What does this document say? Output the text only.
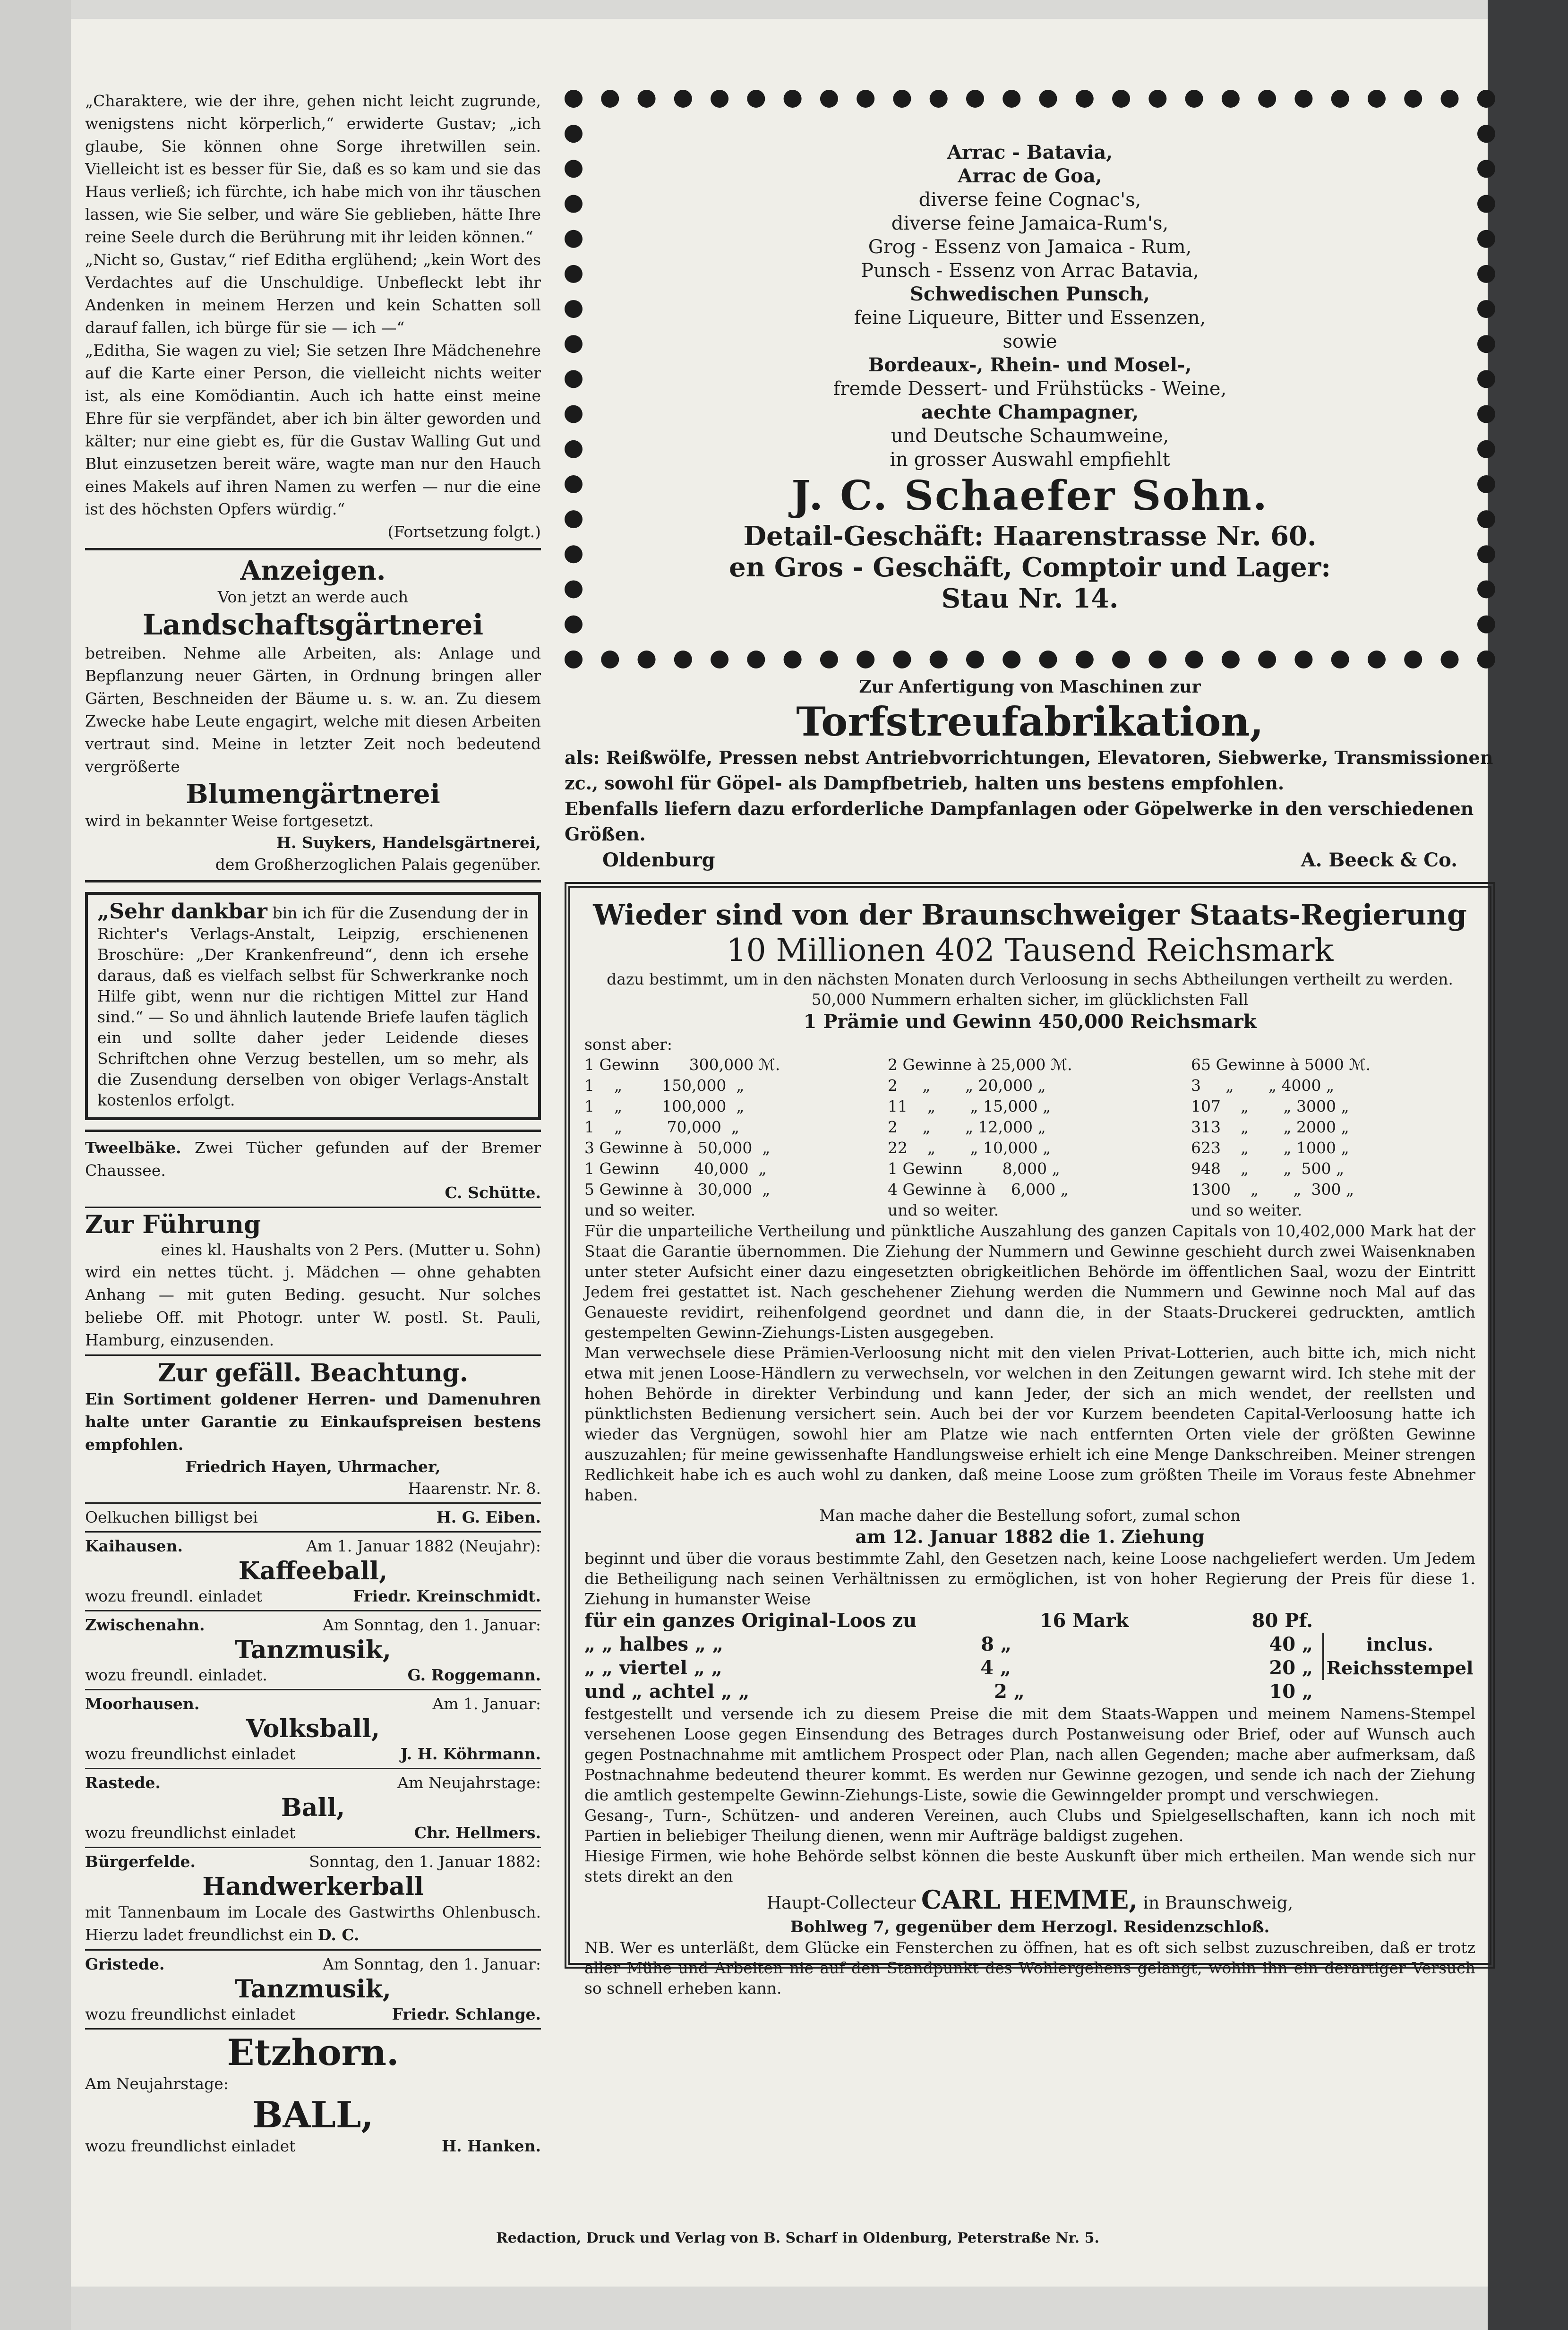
„Charaktere, wie der ihre, gehen nicht leicht zugrunde, wenigstens nicht körperlich,“ erwiderte Gustav; „ich glaube, Sie können ohne Sorge ihretwillen sein. Vielleicht ist es besser für Sie, daß es so kam und sie das Haus verließ; ich fürchte, ich habe mich von ihr täuschen lassen, wie Sie selber, und wäre Sie geblieben, hätte Ihre reine Seele durch die Berührung mit ihr leiden können.“

„Nicht so, Gustav,“ rief Editha erglühend; „kein Wort des Verdachtes auf die Unschuldige. Unbefleckt lebt ihr Andenken in meinem Herzen und kein Schatten soll darauf fallen, ich bürge für sie — ich —“

„Editha, Sie wagen zu viel; Sie setzen Ihre Mädchenehre auf die Karte einer Person, die vielleicht nichts weiter ist, als eine Komödiantin. Auch ich hatte einst meine Ehre für sie verpfändet, aber ich bin älter geworden und kälter; nur eine giebt es, für die Gustav Walling Gut und Blut einzusetzen bereit wäre, wagte man nur den Hauch eines Makels auf ihren Namen zu werfen — nur die eine ist des höchsten Opfers würdig.“

(Fortsetzung folgt.)

Anzeigen.

Von jetzt an werde auch

Landschaftsgärtnerei

betreiben. Nehme alle Arbeiten, als: Anlage und Bepflanzung neuer Gärten, in Ordnung bringen aller Gärten, Beschneiden der Bäume u. s. w. an. Zu diesem Zwecke habe Leute engagirt, welche mit diesen Arbeiten vertraut sind. Meine in letzter Zeit noch bedeutend vergrößerte

Blumengärtnerei

wird in bekannter Weise fortgesetzt.

H. Suykers, Handelsgärtnerei,

dem Großherzoglichen Palais gegenüber.

„Sehr dankbar bin ich für die Zusendung der in Richter's Verlags-Anstalt, Leipzig, erschienenen Broschüre: „Der Krankenfreund“, denn ich ersehe daraus, daß es vielfach selbst für Schwerkranke noch Hilfe gibt, wenn nur die richtigen Mittel zur Hand sind.“ — So und ähnlich lautende Briefe laufen täglich ein und sollte daher jeder Leidende dieses Schriftchen ohne Verzug bestellen, um so mehr, als die Zusendung derselben von obiger Verlags-Anstalt kostenlos erfolgt.

Tweelbäke. Zwei Tücher gefunden auf der Bremer Chaussee.

C. Schütte.

Zur Führung

eines kl. Haushalts von 2 Pers. (Mutter u. Sohn)

wird ein nettes tücht. j. Mädchen — ohne gehabten Anhang — mit guten Beding. gesucht. Nur solches beliebe Off. mit Photogr. unter W. postl. St. Pauli, Hamburg, einzusenden.

Zur gefäll. Beachtung.

Ein Sortiment goldener Herren- und Damenuhren halte unter Garantie zu Einkaufspreisen bestens empfohlen.

Friedrich Hayen, Uhrmacher,

Haarenstr. Nr. 8.

Oelkuchen billigst bei	H. G. Eiben.
Kaihausen.	Am 1. Januar 1882 (Neujahr):

Kaffeeball,

wozu freundl. einladet	Friedr. Kreinschmidt.
Zwischenahn.	Am Sonntag, den 1. Januar:

Tanzmusik,

wozu freundl. einladet.	G. Roggemann.
Moorhausen.	Am 1. Januar:

Volksball,

wozu freundlichst einladet	J. H. Köhrmann.
Rastede.	Am Neujahrstage:

Ball,

wozu freundlichst einladet	Chr. Hellmers.
Bürgerfelde.	Sonntag, den 1. Januar 1882:

Handwerkerball

mit Tannenbaum im Locale des Gastwirths Ohlenbusch. Hierzu ladet freundlichst ein D. C.

Gristede.	Am Sonntag, den 1. Januar:

Tanzmusik,

wozu freundlichst einladet	Friedr. Schlange.

Etzhorn.

Am Neujahrstage:

BALL,

wozu freundlichst einladet	H. Hanken.

Arrac - Batavia,

Arrac de Goa,

diverse feine Cognac's,

diverse feine Jamaica-Rum's,

Grog - Essenz von Jamaica - Rum,

Punsch - Essenz von Arrac Batavia,

Schwedischen Punsch,

feine Liqueure, Bitter und Essenzen,

sowie

Bordeaux-, Rhein- und Mosel-,

fremde Dessert- und Frühstücks - Weine,

aechte Champagner,

und Deutsche Schaumweine,

in grosser Auswahl empfiehlt

J. C. Schaefer Sohn.

Detail-Geschäft: Haarenstrasse Nr. 60.

en Gros - Geschäft, Comptoir und Lager:

Stau Nr. 14.

Zur Anfertigung von Maschinen zur

Torfstreufabrikation,

als: Reißwölfe, Pressen nebst Antriebvorrichtungen, Elevatoren, Siebwerke, Transmissionen zc., sowohl für Göpel- als Dampfbetrieb, halten uns bestens empfohlen.

Ebenfalls liefern dazu erforderliche Dampfanlagen oder Göpelwerke in den verschiedenen Größen.

Oldenburg	A. Beeck & Co.

Wieder sind von der Braunschweiger Staats-Regierung

10 Millionen 402 Tausend Reichsmark

dazu bestimmt, um in den nächsten Monaten durch Verloosung in sechs Abtheilungen vertheilt zu werden. 50,000 Nummern erhalten sicher, im glücklichsten Fall

1 Prämie und Gewinn 450,000 Reichsmark

sonst aber:

1 Gewinn      300,000 ℳ.	2 Gewinne à 25,000 ℳ.	65 Gewinne à 5000 ℳ.
1    „        150,000  „	2     „       „ 20,000 „	3     „       „ 4000 „
1    „        100,000  „	11    „       „ 15,000 „	107    „       „ 3000 „
1    „         70,000  „	2     „       „ 12,000 „	313    „       „ 2000 „
3 Gewinne à   50,000  „	22    „       „ 10,000 „	623    „       „ 1000 „
1 Gewinn       40,000  „	1 Gewinn        8,000 „	948    „       „  500 „
5 Gewinne à   30,000  „	4 Gewinne à     6,000 „	1300    „       „  300 „
und so weiter.	und so weiter.	und so weiter.

Für die unparteiliche Vertheilung und pünktliche Auszahlung des ganzen Capitals von 10,402,000 Mark hat der Staat die Garantie übernommen. Die Ziehung der Nummern und Gewinne geschieht durch zwei Waisenknaben unter steter Aufsicht einer dazu eingesetzten obrigkeitlichen Behörde im öffentlichen Saal, wozu der Eintritt Jedem frei gestattet ist. Nach geschehener Ziehung werden die Nummern und Gewinne noch Mal auf das Genaueste revidirt, reihenfolgend geordnet und dann die, in der Staats-Druckerei gedruckten, amtlich gestempelten Gewinn-Ziehungs-Listen ausgegeben.

Man verwechsele diese Prämien-Verloosung nicht mit den vielen Privat-Lotterien, auch bitte ich, mich nicht etwa mit jenen Loose-Händlern zu verwechseln, vor welchen in den Zeitungen gewarnt wird. Ich stehe mit der hohen Behörde in direkter Verbindung und kann Jeder, der sich an mich wendet, der reellsten und pünktlichsten Bedienung versichert sein. Auch bei der vor Kurzem beendeten Capital-Verloosung hatte ich wieder das Vergnügen, sowohl hier am Platze wie nach entfernten Orten viele der größten Gewinne auszuzahlen; für meine gewissenhafte Handlungsweise erhielt ich eine Menge Dankschreiben. Meiner strengen Redlichkeit habe ich es auch wohl zu danken, daß meine Loose zum größten Theile im Voraus feste Abnehmer haben.

Man mache daher die Bestellung sofort, zumal schon

am 12. Januar 1882 die 1. Ziehung

beginnt und über die voraus bestimmte Zahl, den Gesetzen nach, keine Loose nachgeliefert werden. Um Jedem die Betheiligung nach seinen Verhältnissen zu ermöglichen, ist von hoher Regierung der Preis für diese 1. Ziehung in humanster Weise

für ein ganzes Original-Loos zu	16 Mark	80 Pf.
„ „ halbes „ „	8 „	40 „
„ „ viertel „ „	4 „	20 „
und „ achtel „ „	2 „	10 „
inclus. Reichsstempel

festgestellt und versende ich zu diesem Preise die mit dem Staats-Wappen und meinem Namens-Stempel versehenen Loose gegen Einsendung des Betrages durch Postanweisung oder Brief, oder auf Wunsch auch gegen Postnachnahme mit amtlichem Prospect oder Plan, nach allen Gegenden; mache aber aufmerksam, daß Postnachnahme bedeutend theurer kommt. Es werden nur Gewinne gezogen, und sende ich nach der Ziehung die amtlich gestempelte Gewinn-Ziehungs-Liste, sowie die Gewinngelder prompt und verschwiegen.

Gesang-, Turn-, Schützen- und anderen Vereinen, auch Clubs und Spielgesellschaften, kann ich noch mit Partien in beliebiger Theilung dienen, wenn mir Aufträge baldigst zugehen.

Hiesige Firmen, wie hohe Behörde selbst können die beste Auskunft über mich ertheilen. Man wende sich nur stets direkt an den

Haupt-Collecteur CARL HEMME, in Braunschweig,

Bohlweg 7, gegenüber dem Herzogl. Residenzschloß.

NB. Wer es unterläßt, dem Glücke ein Fensterchen zu öffnen, hat es oft sich selbst zuzuschreiben, daß er trotz aller Mühe und Arbeiten nie auf den Standpunkt des Wohlergehens gelangt, wohin ihn ein derartiger Versuch so schnell erheben kann.

Redaction, Druck und Verlag von B. Scharf in Oldenburg, Peterstraße Nr. 5.
